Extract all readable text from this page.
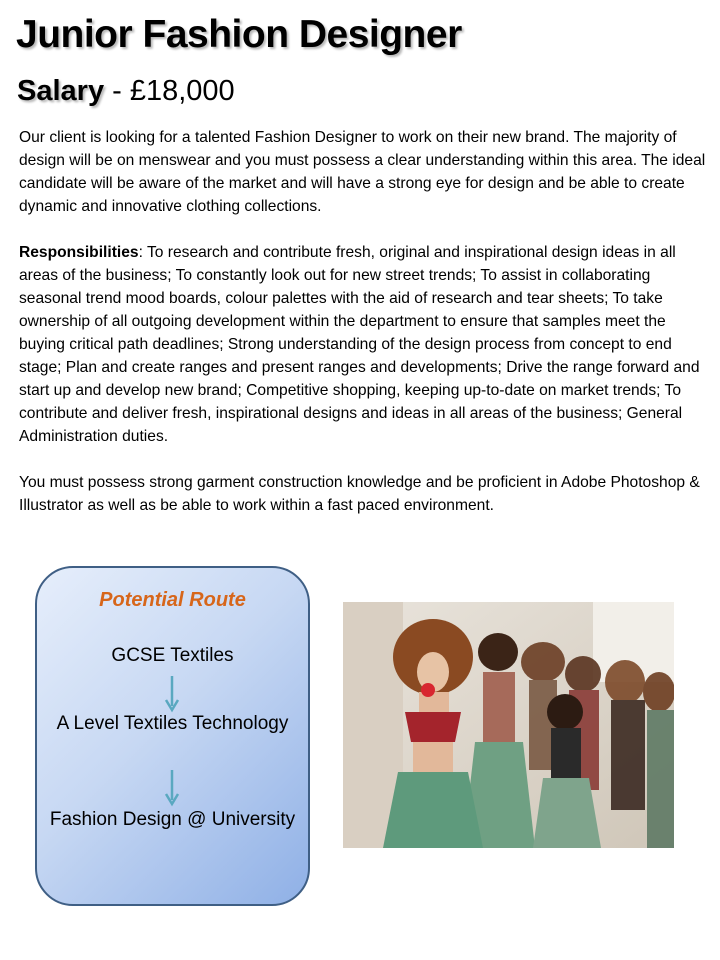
Junior Fashion Designer
Salary - £18,000

Our client is looking for a talented Fashion Designer to work on their new brand. The majority of design will be on menswear and you must possess a clear understanding within this area. The ideal candidate will be aware of the market and will have a strong eye for design and be able to create dynamic and innovative clothing collections.

Responsibilities: To research and contribute fresh, original and inspirational design ideas in all areas of the business; To constantly look out for new street trends; To assist in collaborating seasonal trend mood boards, colour palettes with the aid of research and tear sheets; To take ownership of all outgoing development within the department to ensure that samples meet the buying critical path deadlines; Strong understanding of the design process from concept to end stage; Plan and create ranges and present ranges and developments; Drive the range forward and start up and develop new brand; Competitive shopping, keeping up-to-date on market trends; To contribute and deliver fresh, inspirational designs and ideas in all areas of the business; General Administration duties.

You must possess strong garment construction knowledge and be proficient in Adobe Photoshop & Illustrator as well as be able to work within a fast paced environment.

Potential Route
GCSE Textiles
A Level Textiles Technology
Fashion Design @ University
